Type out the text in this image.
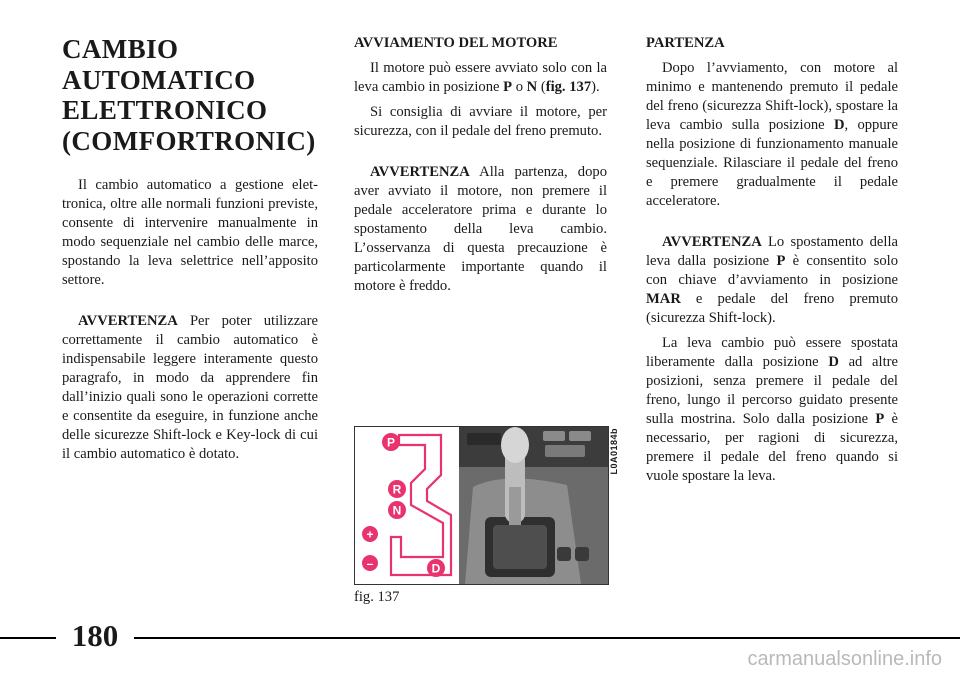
CAMBIO
AUTOMATICO
ELETTRONICO
(COMFORTRONIC)

Il cambio automatico a gestione elettronica, oltre alle normali funzioni previste, consente di intervenire manualmente in modo sequenziale nel cambio delle marce, spostando la leva selettrice nell’apposito settore.

AVVERTENZA Per poter utilizzare correttamente il cambio automatico è indispensabile leggere interamente questo paragrafo, in modo da apprendere fin dall’inizio quali sono le operazioni corrette e consentite da eseguire, in funzione anche delle sicurezze Shift-lock e Key-lock di cui il cambio automatico è dotato.

AVVIAMENTO DEL MOTORE

Il motore può essere avviato solo con la leva cambio in posizione P o N (fig. 137).

Si consiglia di avviare il motore, per sicurezza, con il pedale del freno premuto.

AVVERTENZA Alla partenza, dopo aver avviato il motore, non premere il pedale acceleratore prima e durante lo spostamento della leva cambio. L’osservanza di questa precauzione è particolarmente importante quando il motore è freddo.

P
R
N
+
–	D
L0A0184b
fig. 137
PARTENZA

Dopo l’avviamento, con motore al minimo e mantenendo premuto il pedale del freno (sicurezza Shift-lock), spostare la leva cambio sulla posizione D, oppure nella posizione di funzionamento manuale sequenziale. Rilasciare il pedale del freno e premere gradualmente il pedale acceleratore.

AVVERTENZA Lo spostamento della leva dalla posizione P è consentito solo con chiave d’avviamento in posizione MAR e pedale del freno premuto (sicurezza Shift-lock).

La leva cambio può essere spostata liberamente dalla posizione D ad altre posizioni, senza premere il pedale del freno, lungo il percorso guidato presente sulla mostrina. Solo dalla posizione P è necessario, per ragioni di sicurezza, premere il pedale del freno quando si vuole spostare la leva.

180
carmanualsonline.info
